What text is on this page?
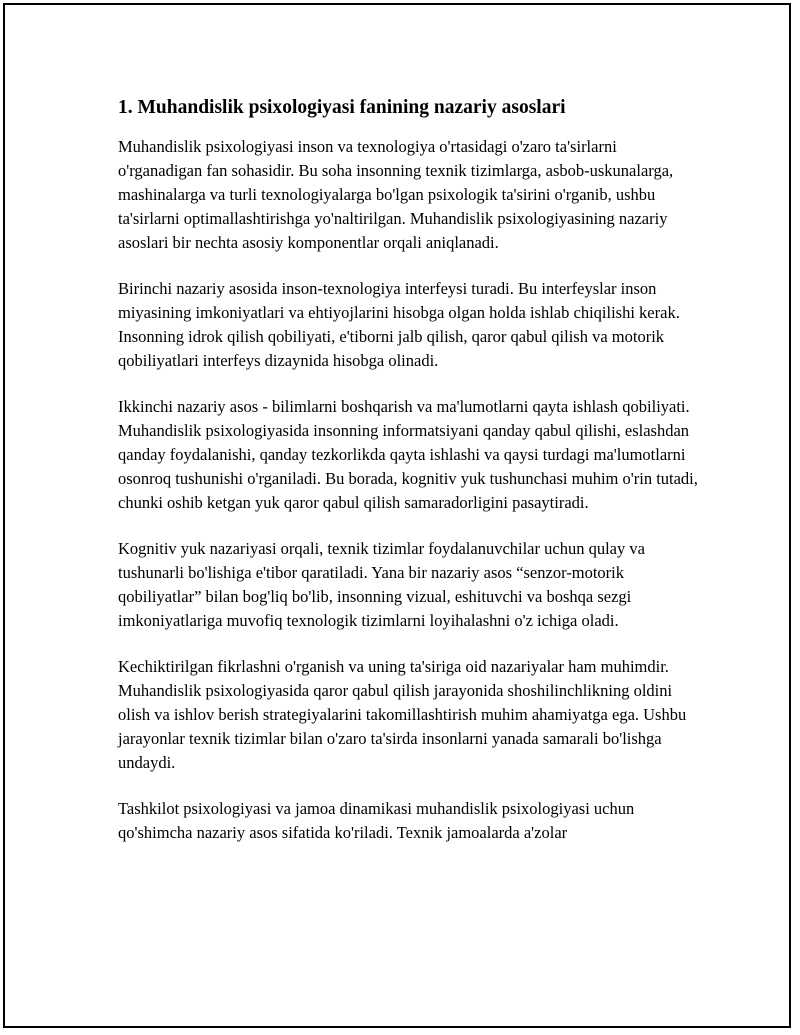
1. Muhandislik psixologiyasi fanining nazariy asoslari

Muhandislik psixologiyasi inson va texnologiya o'rtasidagi o'zaro ta'sirlarni o'rganadigan fan sohasidir. Bu soha insonning texnik tizimlarga, asbob-uskunalarga, mashinalarga va turli texnologiyalarga bo'lgan psixologik ta'sirini o'rganib, ushbu ta'sirlarni optimallashtirishga yo'naltirilgan. Muhandislik psixologiyasining nazariy asoslari bir nechta asosiy komponentlar orqali aniqlanadi.

Birinchi nazariy asosida inson-texnologiya interfeysi turadi. Bu interfeyslar inson miyasining imkoniyatlari va ehtiyojlarini hisobga olgan holda ishlab chiqilishi kerak. Insonning idrok qilish qobiliyati, e'tiborni jalb qilish, qaror qabul qilish va motorik qobiliyatlari interfeys dizaynida hisobga olinadi.

Ikkinchi nazariy asos - bilimlarni boshqarish va ma'lumotlarni qayta ishlash qobiliyati. Muhandislik psixologiyasida insonning informatsiyani qanday qabul qilishi, eslashdan qanday foydalanishi, qanday tezkorlikda qayta ishlashi va qaysi turdagi ma'lumotlarni osonroq tushunishi o'rganiladi. Bu borada, kognitiv yuk tushunchasi muhim o'rin tutadi, chunki oshib ketgan yuk qaror qabul qilish samaradorligini pasaytiradi.

Kognitiv yuk nazariyasi orqali, texnik tizimlar foydalanuvchilar uchun qulay va tushunarli bo'lishiga e'tibor qaratiladi. Yana bir nazariy asos “senzor-motorik qobiliyatlar” bilan bog'liq bo'lib, insonning vizual, eshituvchi va boshqa sezgi imkoniyatlariga muvofiq texnologik tizimlarni loyihalashni o'z ichiga oladi.

Kechiktirilgan fikrlashni o'rganish va uning ta'siriga oid nazariyalar ham muhimdir. Muhandislik psixologiyasida qaror qabul qilish jarayonida shoshilinchlikning oldini olish va ishlov berish strategiyalarini takomillashtirish muhim ahamiyatga ega. Ushbu jarayonlar texnik tizimlar bilan o'zaro ta'sirda insonlarni yanada samarali bo'lishga undaydi.

Tashkilot psixologiyasi va jamoa dinamikasi muhandislik psixologiyasi uchun qo'shimcha nazariy asos sifatida ko'riladi. Texnik jamoalarda a'zolar
